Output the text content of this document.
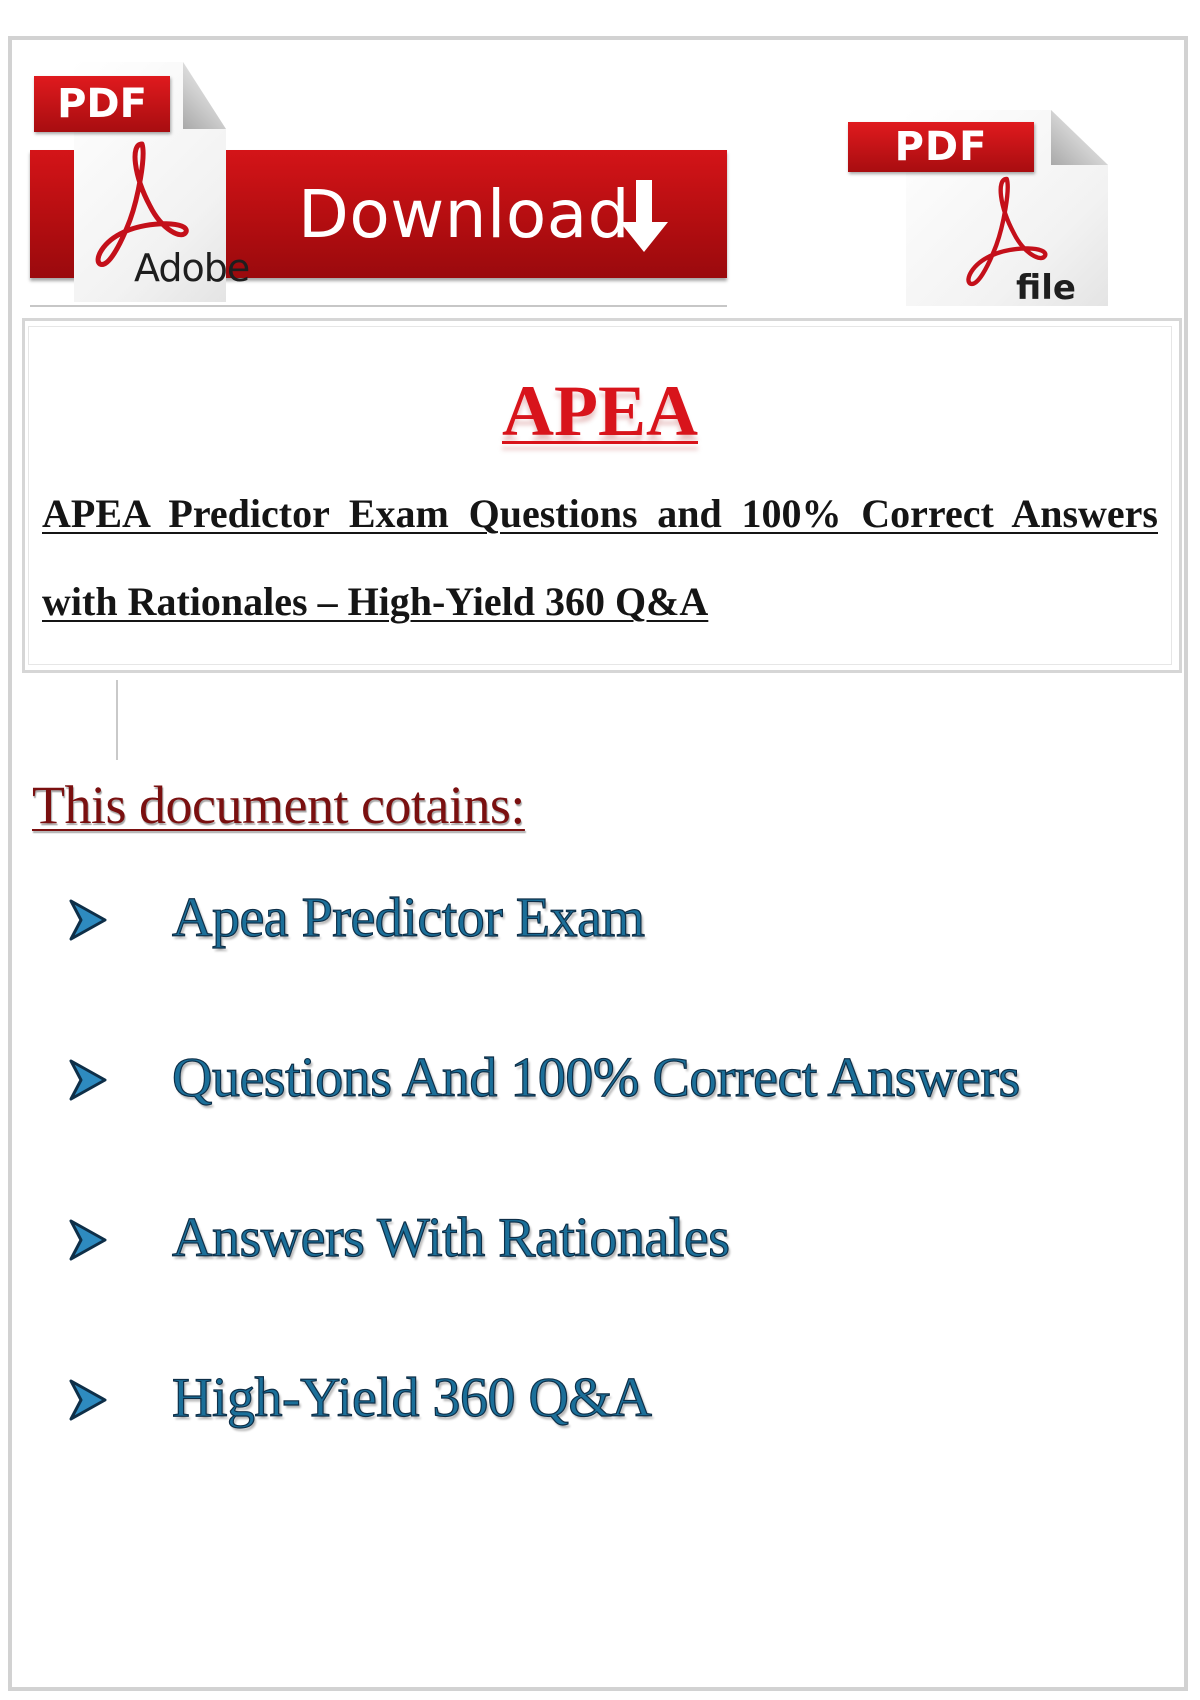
Download
PDF
Adobe
PDF
file
APEA

APEA Predictor Exam Questions and 100% Correct Answers with Rationales – High-Yield 360 Q&A

This document cotains:
Apea Predictor Exam
Questions And 100% Correct Answers
Answers With Rationales
High-Yield 360 Q&A
